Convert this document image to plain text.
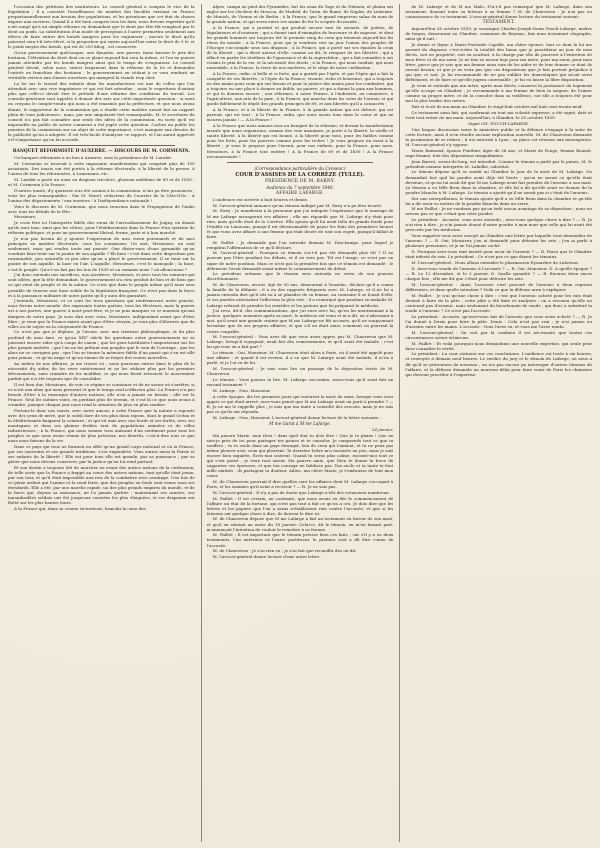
l'occasion des pétitions des instituteurs. Le conseil général a compris le vice de la législation ; il a constaté l'insuffisance du nombre des facultés existant en France proportionnellement aux besoins des populations, et les privations que cet état de choses impose aux ouvriers. Quand il a été bien compris tous les faits, nous devons regretter qu'il n'ait songé qu'à un simple réforme en demandant que le droit par tête fût remplacé par le droit au poids. La substitution d'un mode de perception à l'autre permettra seulement aux élèves de faire entrer des bœufs maigres pour les engraisser ; encore le droit qu'ils paieront sera-t-il très-élevé, si la proportion qui existe aujourd'hui entre le droit de 5 fr. et le poids moyen des bœufs, qui est de 250 kilog., est conservée.

Qu'un gouvernement quelconque, une dynastie, une guerre, fasse baisser le prix des bestiaux, l'élévation du droit dont on se plaint aujourd'hui sera la même, et l'on ne pourra jamais atteindre par les bœufs maigres ainsi que le temps de s'engraisser. Le conseil général devait, selon nous, entrer largement dans la réforme de la loi et demander l'entrée en franchise des bestiaux ; le gouvernement en cédant à ce vœu rendrait un véritable service aux classes ouvrières qui mangent la viande trop cher.

La loi sur le travail des enfants dans les manufactures est une de celles que l'on attendait avec une vive impatience et qui est fort attendue ; nous le regrettons d'autant plus que celle-ci devait être le prélude d'une réforme des conditions du travail. Les conseils-généraux sont appelés à donner des avis sur cette importante question : si nous en croyons le compte-rendu qui nous a été transmis par la préfecture, et que nous avons donné, le rapporteur de la commission qui a étudié cette matière aurait fait un rapport plein de vues judicieuses ; mais, par une singularité fort remarquable, M. le secrétaire du conseil n'a pas fait connaître une seule des idées de la commission, en sorte qu'il est impossible au public de savoir comment a été jugée cette question. Cachez au public les pensées de la commission sur un objet de cette importance, c'est manquer aux devoirs de la publicité qu'on a adoptée. Il est très-facile d'analyser ce rapport, et l'on aurait apprécié s'il s'importance qu'on lui accorde.

BANQUET RÉFORMISTE D'AUXERRE. — DISCOURS DE M. CORMENIN.

Un banquet réformiste a eu lieu à Auxerre, sous la présidence de M. Larabit.

M. Cormenin se trouvait à cette imposante manifestation qui comptait plus de 100 assistants. Des toasts ont été portés à la réforme électorale, à la liberté de la presse, à l'union de tous les réformistes, à Lamennais, etc.

M. Larabit a porté un toast au drapeau tricolore, glorieux emblème de 89 et de 1830 ; et M. Cormenin à la France.

D'autres toasts, d'y quatorze n'as été soumis à la commission, n'ont pu être prononcés ; voici les plus remarquables : Par M. Morel, rédacteur du Courrier de la Côte-d'Or : A l'union des départements ! aux ouvriers ! à l'indépendance nationale !

Voici le discours de M. Cormenin, que nous trouvons dans le Propagateur de l'Aube avec tous les détails de la fête :

Messieurs,

Je crois être ici l'interprète fidèle des vœux de l'arrondissement de Joigny, en disant qu'ils sont tous, ainsi que les vôtres, pour l'établissement dans la France d'un système de réforme politique, et pour un gouvernement libéral, ferme, juste et à bon marché.

Je n'ai pas besoin de y ajouter l'expression de mes vœux personnels et de mes principes en matière électorale, vous les connaissez. Un mot, Messieurs, un seul seulement, mais qui rendra toute ma pensée. Que disiez-vous d'une pyramide qu'on voudrait faire tenir sur la pointe de son aiguille ? Eh bien ! c'est dans cette disposition peu raisonnable, peu naturelle et peu sûre qu'on a placé le gouvernement. Il se tient sur la pointe de son aiguille, la base en l'air. L'aiguille, Messieurs, c'est le monopole ; la base, c'est le peuple. Qu'a-t-on fait par les lois de 1830 et ou sommes-nous ? où allons-nous ?

J'ai donc entendu nos sacrifices, nos sacrifices, Messieurs, et avec tous les rumeurs qui sont allées, que la tête demandait, le gouvernement n'a rien produit de bon et de bien que ce qui vient du peuple et de la nation. Ce n'est que dans le peuple même qu'il nous sera possible de trouver une base solide de la législation française. Ce n'est pas dans la force et à la puissance militaire de notre patrie qu'il y aura des garanties.

J'entends, Messieurs, et ce sont les trois questions qui renfermeront notre pensée, nous ferons notre monde, des exposants toutes parties, tous les électeurs, mais la guerre est à nos portes, une guerre à mort peut-être, et je ne puis marquer ce ce moment qu'aux dangers de notre pays. Je vous dire avec vous, Messieurs, indépendant avant que d'être libre ; je veux que la France existe avant que d'être citoyen, je veux plus d'illustres que de villes ou de sujets en la citoyenneté de France.

Ce n'est pas que je déplore, je l'avoue, avec une tristesse philosophique, et du plus profond de mon âme, ce qu'au XIX° siècle les questions entre gouvernements ne se puissent encore vider qu'à coups de canon ; que les gens hostilisées l'emporteront sur les plus grands intérêts ; que l'on ne les prêtant aux peuples que le soin de l'ouvrage ; que les abus ne se corrigent pas ; que l'on se tienne la mémoire fidèle d'un passé qui s'en est allé pour jamais ; et qu'on exige et qu'on vienne de se frayer des routes nouvelles.

Au milieu de nos affaires, je me trouve ici ; nous pourrons entrer dans le plan de la nécessité d'y aider, de les vivre entièrement et ne les séduire plus par les premiers dévouements, sans craindre de les modifier, ce qui nous ferait retrouver le mouvement parfait qui n'a été toujours que de consolider.

Il est bien dur, Messieurs, de voir ce régime se continuer et de ne savoir où s'arrêter, si ce n'est aux abus qui nous pressent et que le temps seul n'effacera plus. La France n'a pas besoin d'être à la remorque d'autres nations, elle n'en a jamais eu besoin : elle est la France. Seul les mêmes voies, en perdant plus de terrain, et c'est là ce que nous avons à craindre, puisque chaque jour nous rend la situation de plus en plus sombre.

Portons-le donc nos toasts, avec notre amour, à cette France que la nature a reposée avec des yeux de mère, que le soleil dore de ses plus doux rayons, dont le grand Océan et la Méditerranée baignent la ceinture ; et qui vit unis avec nos bords et ses forêts, avec ses montagnes et dans ses plaines fertiles tant de populations animées et de villes industrieuses ; à la France, qui nous somme tous unissant d'un sentiment pour tous les peuples ce que nous avons réunis de plus précieux, nos libertés, c'est-à-dire tout ce que nous nous faisons de la vie.

Dans ce pays qui tous ne forment en effet qu'un grand corps national et où la France, par ses souvenirs et ses grands traditions, s'est engendrée. Vous auriez aussi la Patrie et ses enfants de la liberté ! Elle est pour tous elle est grande, par sa puissance ; par sa gloire que nous devons conserver, par la justice qu'on lui rend partout.

Et son destin a toujours été de marcher en avant des autres nations de la civilisation, de telle sorte que la France a frappé au cœur des autres nations, tant qu'elle était jeune, par son tour, et qu'il était impossible aux rois de la combattre avec avantage. Une fois de ce génie ardent qui l'anime et la rend forte, que des peuples en foule sont venus sous ses étendards. Elle a été, par une marche rapide, un des plus grands empires du monde, et de la force qui, depuis sa naissance, ne l'a jamais quittée ; maintenant ses armées, ses innombrables soldats ont été jusqu'aux contrées les plus éloignées, et ses drapeaux ont flotté sur les plus hautes tours.

A la France qui, dans sa course victorieuse, franchit la cime des

Alpes, campa au pied des Pyramides, but les eaux du Tage et du Niémen, et planta ses aigles sur les clochers de Moscou, de Madrid, de Turin, de Rome, de Naples, de Lisbonne, de Munich, de Vienne et de Berlin ; à la France, que le grand empereur salua du nom de la grande nation, et qui serra entre ses mains de fer le sceptre du monde ;

A la France, qui a produit et qui produit encore tant de savants, de poètes, de législateurs et d'orateurs ; qui a donné tant d'exemples de bravoure et de sagesse, et dont les grands hommes ont toujours été le premier rang de ceux qui tiennent aujourd'hui les rênes du monde ; à la France, pour qui je voudrais voir un jour l'union des peuples de l'Europe s'accomplir sous son drapeau ; à la France, qui a porté sur ses épaules la croix de la liberté ; qui a élevé autour d'elle, comme on dit, le rempart de ses libertés ; qui a effacé en partie les ténèbres de l'ignorance et de la superstition ; qui a fait connaître à ses voisins le prix de la vie, et la nécessité des droits ; à la France, qui nous conduit, qui nous rassemble, à la France, la terre de nos ancêtres, et le siège de notre civilisation ;

A la France, enfin, si belle et si forte, qui a grandi par l'épée, et par l'épée qui a fait la conquête de ses libertés ; à l'épée de la France, vivante, riche et heureuse, qui a toujours eu des mains pour ceux qui ont besoin et pour la justice des mains pour les combattre, qui a toujours eu une place à donner au faible, au pauvre, et qui a donné la paix aux hommes, et qui la donnera encore ; aux réformes, à notre France, à l'industrie, au commerce, à l'agriculture, aux arts de la paix ; à la France, qui marche dans les voies de l'avenir, et qui garde fidèlement le dépôt des grands principes de 89, et aux libertés qu'il a consacrés ;

A la France, et à la liberté de la France, à la grande nation qui est debout, qui est partout, qui est tout ; à la France, enfin, que nous avons tous dans le cœur et qui ne mourra jamais ! — A la France !

A la France que nous aimons tous au banquet de la réforme, et devant la manifestation morale que nous organisons, comme des voix unanimes, je porte à la liberté, la vieille et sainte liberté, à la liberté qui est bonne, à la liberté pour tous, pour les faibles comme pour les forts, pour les pauvres comme pour les riches ! Je vous propose un toast à la liberté ; je vous le propose pour l'avenir, pour nos enfants, pour la France, pour nous. Messieurs, à la France tout entière ! A la France de 89 et de 1830 ! A la France reconnaissante !

(Correspondance particulière du Censeur.)

COUR D'ASSISES DE LA CORRÈZE (TULLE).

PRÉSIDENCE DE M. BARNY.

Audience du 7 septembre 1840.

AFFAIRE LAFARGE.

L'audience est ouverte à huit heures et demie.

M. l'avocat-général annonce qu'un témoin indiqué par M. Sirey n'a pu être trouvé.

M. Sirey : Je manifestai à la personne que j'ai indiquée l'espérance que le mariage de M me Lafarge arrangerait ses affaires ; elle me répondit que M. Lafarge n'y était pour rien, mais qu'elle était de la Corrèze. Elle ajouta qu'il lui avait fallu de grands fonds pour l'établir en Limousin, puisqu'il est déraisonnable de payer les frais des premières heures et que vous avez affaire à une femme qui était douée de tout son esprit, puisqu'il fallait le faire.

M. Paillet : Je demande que l'on entende demain M. Deschamps, pour lequel je remplirai l'affirmation de ce qu'il déclare.

M. l'avocat-général : Pourquoi ce témoin n'a-t-il pas été demandé plus tôt ? Il ne pouvait pas l'être pendant les débats, et il ne sera pas. Tel est l'usage, ce n'est pas un signe de notre position. Mais ce n'est pas la première fois que ce témoin est demandé : le défenseur l'avait demandé avant même le commencement du débat.

Le président ordonne que le témoin sera entendu en vertu de son pouvoir discrétionnaire.

M. de Chauveron, avocat, âgé de 30 ans, demeurant à Vouzelac, déclare qu'il a connu la famille de la défunte ; il a eu des rapports fréquents avec M. Lafarge, et il ne lui a jamais entendu dire qu'il eût eu à se plaindre de sa femme, au contraire il se louait d'elle, et ses paroles attestaient l'affection la plus vive ; il a remarqué que pendant sa maladie M. Lafarge refusait de prendre les remèdes et les potions que lui préparait le médecin.

J'ai revu, dit-il, des communications, que j'ai eues avec lui, qu'en les mentionnant à la justice, quelques semaines après sa mort, le médecin est venu et m'a dit, en s'adressant à moi, qu'il avait une grande crainte que M me Lafarge ne fût accusée, qu'il ne soupçonnait lui-même que de ses propres affaires, et que s'il en était ainsi, comment on pourrait la croire coupable.

M. l'avocat-général : Vous avez dit que vous aviez appris par M. Chauveron que M. Lafarge, lorsqu'il voyageait, avait fait des vomissements, et qu'il avait été malade ; c'est lui qui vous en a fait part ?

Le témoin : Oui, Monsieur. M. Chauveron était alors à Paris, où il avait été appelé pour une affaire ; et quand il est revenu, il a su que M. Lafarge avait été malade, il m'en a parlé, et je l'ai su de lui.

M. l'avocat-général : Je vais vous lire un passage de la déposition écrite de M. Chauveron.

Le témoin : Vous pouvez la lire. M. Lafarge succomba, savez-vous qu'il avait fait un second testament ?

M. Lafarge : Non, Monsieur.

A cette époque, dis les premiers jours qui suivirent la mort du mari, lorsque vous avez appris ce qui était arrivé, avez-vous pensé que M me Lafarge avait un parti à prendre ? — R. Je ne me le rappelle plus ; je sais que ma tante a consulté des avocats, mais je ne sais pas ce qu'ils ont répondu.

M. Lafarge : Non, Monsieur. L'avocat-général donne lecture de la lettre suivante :

M me Garat à M me Lafarge.

24 janvier.

Ma pauvre Marie, mon Dieu ! dans quel état tu dois être ! Que je te plains ! Que ne suis-je près de toi pour partager tes peines et te consoler. Je comprends tout ce que tu souffres ; tu es seule dans un pays étranger, loin de ceux qui t'aiment, et tu ne peux pas même pleurer avec ceux qui pleurent. Ta dernière lettre m'a rassurée un peu, mais je suis encore bien inquiète. Écris-moi souvent. Quand tu seras plus calme, raconte-moi tout ce qui s'est passé ; je veux tout savoir. Ma pauvre amie, que Dieu te donne la force de supporter ces épreuves, et que ton courage ne faiblisse pas. Ton oncle et ta tante te font mille amitiés ; ils partagent ta douleur. Adieu, ma chère Marie, je t'embrasse de tout mon cœur.

M. de Chauveron pourrait-il dire quelles sont les affaires dont M. Lafarge s'occupait à Paris, et les sommes qu'il avait à recevoir ? — R. Je ne sais pas.

M. l'avocat-général : Il n'y a pas de doute que Lafarge n'eût des créanciers nombreux.

M. Paillet : Il est certain, au contraire, que nous avons eu dès le commencement de l'affaire un état de la fortune, qui n'est pas tout à fait ce qu'on a cru. Je dois dire que les lettres et les papiers que l'on a saisis n'établissent rien contre l'accusée, et que si les témoins ont quelque chose à dire, ils doivent le dire ici.

M. de Chauveron dépose que M me Lafarge a fait un testament en faveur de son mari, et qu'il en existait un autre du 18 janvier. Celui-ci, dit le témoin, en m'en faisant part, m'annonçait l'intention de vouloir le remettre à sa femme.

M. Paillet : Il est important que le témoin précise bien ces faits ; car s'il y a eu deux testaments, l'un antérieur et l'autre postérieur, le premier seul a dû être connu de l'accusée.

M. de Chauveron : Je n'ai rien vu ; je n'ai fait que recueillir des on-dit.

M. l'avocat-général donne lecture d'une autre lettre.

de M. Lafarge et de M me Malo. N'a-t-il pas remarqué que M. Lafarge, dans son testament, donnait toute sa fortune à sa femme ? M. de Chauveron : Je n'ai pas eu connaissance de ce testament. L'avocat-général donne lecture du testament suivant :

TESTAMENT.

Aujourd'hui 28 octobre 1839, je soussigné Charles-Joseph-Denis Pouch-Lafarge, maître de forges, demeurant au Glandier, commune de Beyssac, fais mon testament olographe, ainsi qu'il suit :

Je donne et lègue à Marie-Fortunée Capelle, ma chère épouse, tout ce dont la loi me permet de disposer, c'est-à-dire la totalité des biens que je posséderai au jour de mon décès, soit en propriété, soit en usufruit, à la charge par elle de pourvoir à l'entretien de mon frère et de ma sœur. Je ne fais ici aucun legs pour ma mère, pour ma sœur, pour mon frère, parce que je sais que ma femme aura soin de les aider et de leur donner ce dont ils auront besoin, et que je ne veux pas que ces dispositions que je fais portent préjudice à qui que ce soit. Je lui recommande de ne pas oublier les domestiques qui m'ont servi fidèlement, et de faire ce qu'elle jugera convenable ; je lui en laisse la libre disposition.

Je veux et entends que ma mère, après mon décès, conserve la jouissance du logement qu'elle occupe au Glandier ; je recommande à ma femme de bien la soigner, de l'aimer comme sa propre mère, et de la consoler dans sa vieillesse, car elle a toujours été pour moi la plus tendre des mères.

Fait et écrit de ma main au Glandier, le vingt-huit octobre mil huit cent trente-neuf.

Ce testament ainsi fait, qui confirmait en tout ma volonté expresse, a été signé, daté et écrit tout entier de ma main. Aujourd'hui, à Glandier, le 20 octobre 1839.

Signé CH. POUCH-LAFARGE.

Une longue discussion entre le ministère public et la défense s'engage à la suite de cette lecture, mais il n'en résulte aucune explication nouvelle. M. de Chauveron demande la permission de se retirer ; il est autorisé à Lyon ; sa place est retenue aux messageries. M. l'avocat-général s'y oppose.

Marie Raimond, épouse Ponthier, âgée de 26 ans, et Marie de Pouge, femme Bonnet, sage-femme, font des dépositions insignifiantes.

Jean Barret, scieur-de-long, est introduit. Comme le témoin a parlé par le patois, M. le président nomme interprète M. Lafaillie, substitut.

Le témoin dépose qu'il se rendit au Glandier le jour de la mort de M. Lafarge. Ou demandait fort quil lui poudre avait déjà été livrée ; qu'on ne savait ce qu'elle était devenue, et qu'on lui avait dit que M me Lafarge avait fait prendre de l'arsenic à son mari. Le témoin a vu Mlle Brun dans la chambre, et elle lui a dit qu'elle avait vu donner de la poudre blanche à M. Lafarge. Le témoin a ajouté qu'il ne savait pas si c'était de l'arsenic.

Sur une interpellation, le témoin ajoute qu'il a vu Mlle Brun dans la chambre et qu'elle lui a dit avoir vu mettre de la poudre blanche dans un verre.

M me Paillet : Je ne voudrais pas qu'on tirât aucun avantage de sa déposition ; nous ne savons pas ce que c'était que cette poudre.

Le président : Accusée, vous avez entendu ; avez-vous quelque chose à dire ? — R. Je n'ai rien à dire ; je n'ai jamais donné d'autre poudre à mon mari que celle qui lui avait été prescrite par les médecins.

Vous rappelez-vous avoir envoyé au Glandier une lettre par laquelle vous demandiez de l'arsenic ? — R. Oui, Monsieur, j'en ai demandé pour détruire les rats ; j'en ai parlé à plusieurs personnes, et je ne l'ai jamais caché.

D. Pourquoi avez-vous tant insisté pour avoir de l'arsenic ? — R. Parce que le Glandier était infesté de rats. Le président : Ce n'est pas ce que disent les témoins.

M. l'avocat-général : Nous allons entendre le pharmacien Eyssartier de Lubersac.

D. Avez-vous vendu de l'arsenic à l'accusée ? — R. Oui, Monsieur. D. A quelle époque ? — R. Le 12 décembre, et le 2 janvier. D. Quelle quantité ? — R. Environ deux onces chaque fois ; elle me dit que c'était pour détruire les rats.

M. l'avocat-général : Ainsi, l'accusée s'est procuré de l'arsenic à deux reprises différentes, et dans quelle intention ? Voilà ce que la défense aura à expliquer.

M. Paillet : Je n'ai qu'une chose à dire : c'est que l'arsenic acheté pour les rats était destiné à faire de la pâte ; cette pâte a été faite et analysée ; on a reconnu qu'elle ne contenait pas d'arsenic, mais seulement du bicarbonate de soude ; qui donc a substitué la soude à l'arsenic ? Ce n'est pas l'accusée.

Le président : Accusée, qu'avez-vous fait de l'arsenic que vous aviez acheté ? — R. Je l'ai donné à Denis pour faire la pâte. Denis : Cela n'est pas vrai ; je n'ai jamais eu d'arsenic entre les mains. L'accusée : Vous l'avez eu, et vous me l'avez rendu.

M. l'avocat-général : On voit par là combien il est nécessaire que toutes ces circonstances soient éclaircies.

M. Paillet : Et voilà pourquoi nous demandons une nouvelle expertise, qui seule peut faire connaître la vérité.

Le président : La cour statuera sur ces conclusions. L'audience est levée à six heures, et renvoyée à demain neuf heures. Le verdict du jury et le témoin de Lafarge, on nous a dit qu'il se présentera de nouveau ; on n'a pas encore pu interroger d'autres témoins de l'affaire, et la défense demande un nouveau délai pour faire venir de Paris les chimistes qui devront procéder à l'expertise.
